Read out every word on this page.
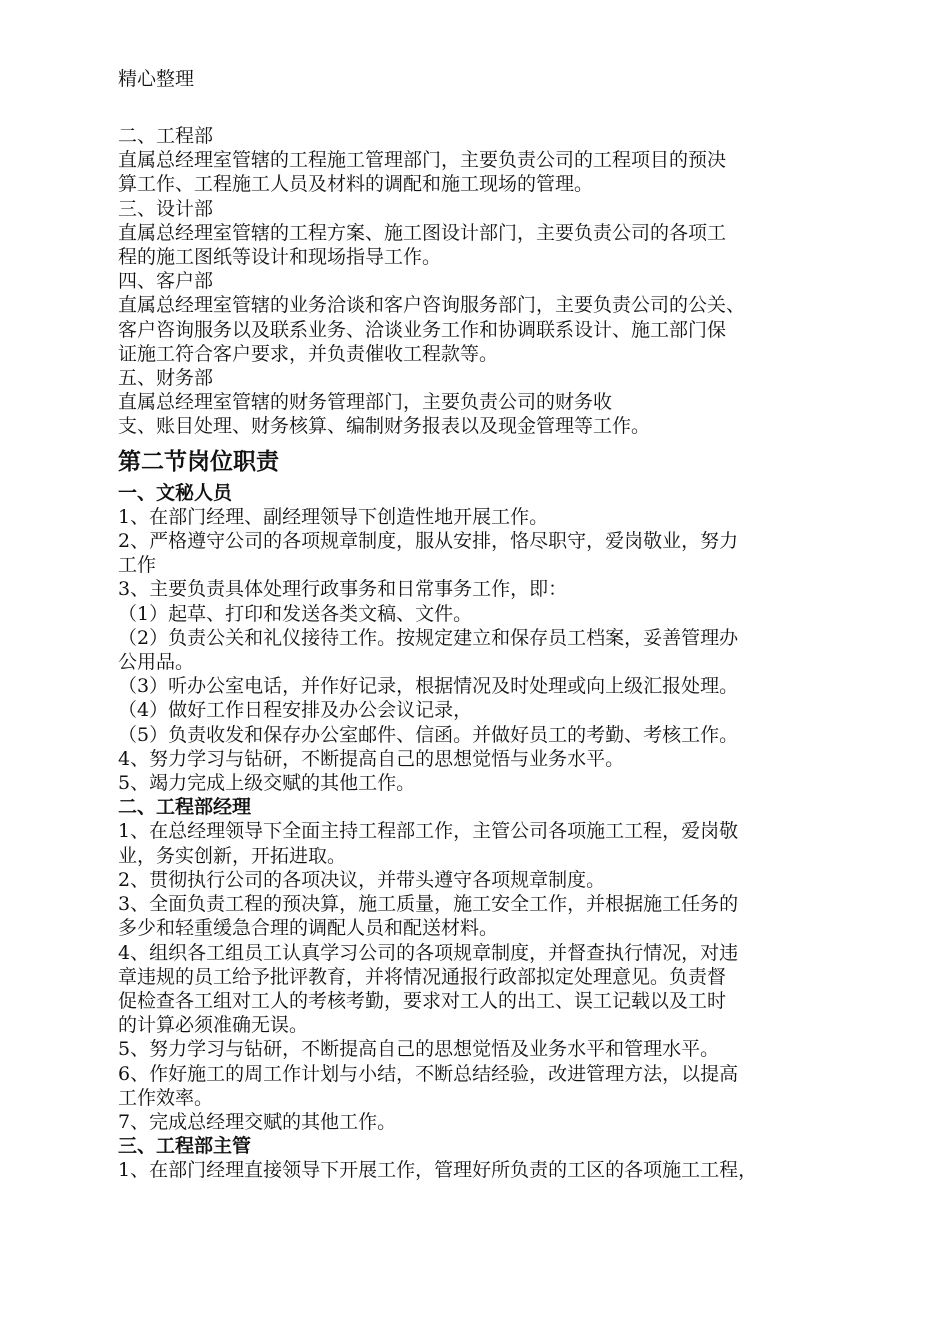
精心整理
二、工程部
直属总经理室管辖的工程施工管理部门，主要负责公司的工程项目的预决
算工作、工程施工人员及材料的调配和施工现场的管理。
三、设计部
直属总经理室管辖的工程方案、施工图设计部门，主要负责公司的各项工
程的施工图纸等设计和现场指导工作。
四、客户部
直属总经理室管辖的业务洽谈和客户咨询服务部门，主要负责公司的公关、
客户咨询服务以及联系业务、洽谈业务工作和协调联系设计、施工部门保
证施工符合客户要求，并负责催收工程款等。
五、财务部
直属总经理室管辖的财务管理部门，主要负责公司的财务收
支、账目处理、财务核算、编制财务报表以及现金管理等工作。
第二节岗位职责
一、文秘人员
1、在部门经理、副经理领导下创造性地开展工作。
2、严格遵守公司的各项规章制度，服从安排，恪尽职守，爱岗敬业，努力
工作
3、主要负责具体处理行政事务和日常事务工作，即：
（1）起草、打印和发送各类文稿、文件。
（2）负责公关和礼仪接待工作。按规定建立和保存员工档案，妥善管理办
公用品。
（3）听办公室电话，并作好记录，根据情况及时处理或向上级汇报处理。
（4）做好工作日程安排及办公会议记录，
（5）负责收发和保存办公室邮件、信函。并做好员工的考勤、考核工作。
4、努力学习与钻研，不断提高自己的思想觉悟与业务水平。
5、竭力完成上级交赋的其他工作。
二、工程部经理
1、在总经理领导下全面主持工程部工作，主管公司各项施工工程，爱岗敬
业，务实创新，开拓进取。
2、贯彻执行公司的各项决议，并带头遵守各项规章制度。
3、全面负责工程的预决算，施工质量，施工安全工作，并根据施工任务的
多少和轻重缓急合理的调配人员和配送材料。
4、组织各工组员工认真学习公司的各项规章制度，并督查执行情况，对违
章违规的员工给予批评教育，并将情况通报行政部拟定处理意见。负责督
促检查各工组对工人的考核考勤，要求对工人的出工、误工记载以及工时
的计算必须准确无误。
5、努力学习与钻研，不断提高自己的思想觉悟及业务水平和管理水平。
6、作好施工的周工作计划与小结，不断总结经验，改进管理方法，以提高
工作效率。
7、完成总经理交赋的其他工作。
三、工程部主管
1、在部门经理直接领导下开展工作，管理好所负责的工区的各项施工工程，
